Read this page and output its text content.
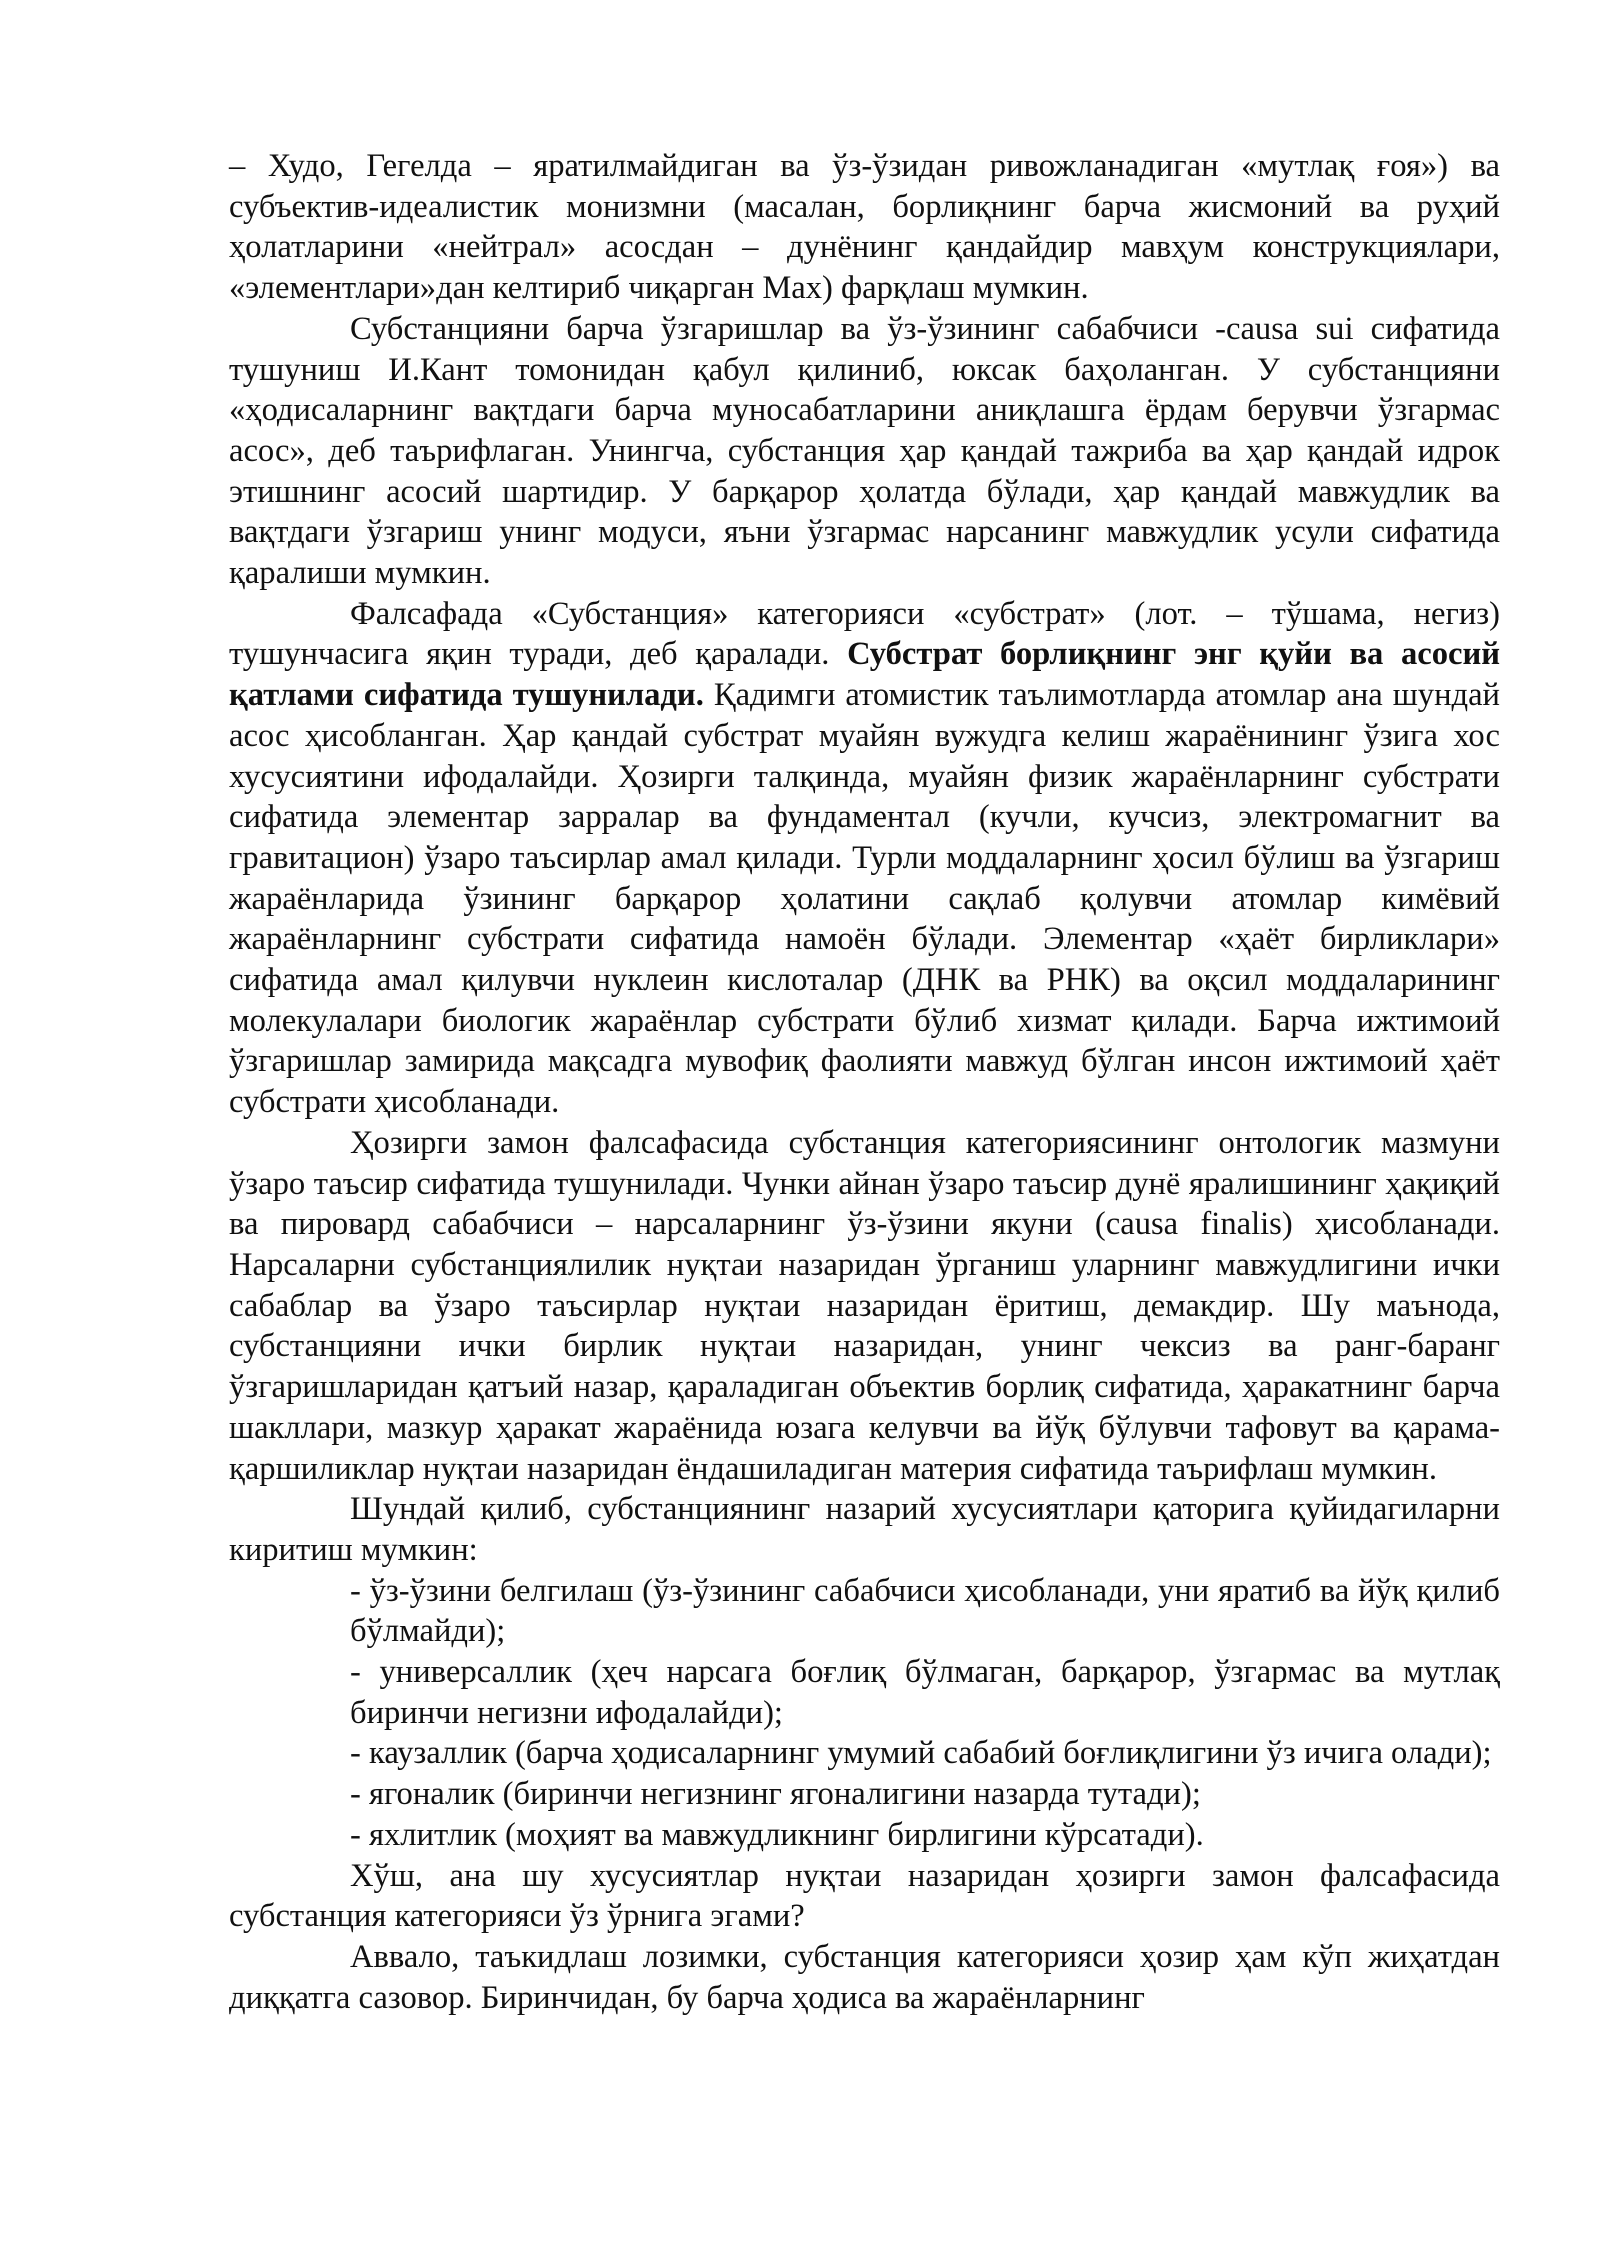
– Худо, Гегелда – яратилмайдиган ва ўз-ўзидан ривожланадиган «мутлақ ғоя») ва субъектив-идеалистик монизмни (масалан, борлиқнинг барча жисмоний ва руҳий ҳолатларини «нейтрал» асосдан – дунёнинг қандайдир мавҳум конструкциялари, «элементлари»дан келтириб чиқарган Мах) фарқлаш мумкин.

Субстанцияни барча ўзгаришлар ва ўз-ўзининг сабабчиси -causa sui сифатида тушуниш И.Кант томонидан қабул қилиниб, юксак баҳоланган. У субстанцияни «ҳодисаларнинг вақтдаги барча муносабатларини аниқлашга ёрдам берувчи ўзгармас асос», деб таърифлаган. Унингча, субстанция ҳар қандай тажриба ва ҳар қандай идрок этишнинг асосий шартидир. У барқарор ҳолатда бўлади, ҳар қандай мавжудлик ва вақтдаги ўзгариш унинг модуси, яъни ўзгармас нарсанинг мавжудлик усули сифатида қаралиши мумкин.

Фалсафада «Субстанция» категорияси «субстрат» (лот. – тўшама, негиз) тушунчасига яқин туради, деб қаралади. Субстрат борлиқнинг энг қуйи ва асосий қатлами сифатида тушунилади. Қадимги атомистик таълимотларда атомлар ана шундай асос ҳисобланган. Ҳар қандай субстрат муайян вужудга келиш жараёнининг ўзига хос хусусиятини ифодалайди. Ҳозирги талқинда, муайян физик жараёнларнинг субстрати сифатида элементар зарралар ва фундаментал (кучли, кучсиз, электромагнит ва гравитацион) ўзаро таъсирлар амал қилади. Турли моддаларнинг ҳосил бўлиш ва ўзгариш жараёнларида ўзининг барқарор ҳолатини сақлаб қолувчи атомлар кимёвий жараёнларнинг субстрати сифатида намоён бўлади. Элементар «ҳаёт бирликлари» сифатида амал қилувчи нуклеин кислоталар (ДНК ва РНК) ва оқсил моддаларининг молекулалари биологик жараёнлар субстрати бўлиб хизмат қилади. Барча ижтимоий ўзгаришлар замирида мақсадга мувофиқ фаолияти мавжуд бўлган инсон ижтимоий ҳаёт субстрати ҳисобланади.

Ҳозирги замон фалсафасида субстанция категориясининг онтологик мазмуни ўзаро таъсир сифатида тушунилади. Чунки айнан ўзаро таъсир дунё яралишининг ҳақиқий ва пировард сабабчиси – нарсаларнинг ўз-ўзини якуни (causa finalis) ҳисобланади. Нарсаларни субстанциялилик нуқтаи назаридан ўрганиш уларнинг мавжудлигини ички сабаблар ва ўзаро таъсирлар нуқтаи назаридан ёритиш, демакдир. Шу маънода, субстанцияни ички бирлик нуқтаи назаридан, унинг чексиз ва ранг-баранг ўзгаришларидан қатъий назар, қараладиган объектив борлиқ сифатида, ҳаракатнинг барча шакллари, мазкур ҳаракат жараёнида юзага келувчи ва йўқ бўлувчи тафовут ва қарама-қаршиликлар нуқтаи назаридан ёндашиладиган материя сифатида таърифлаш мумкин.

Шундай қилиб, субстанциянинг назарий хусусиятлари қаторига қуйидагиларни киритиш мумкин:

- ўз-ўзини белгилаш (ўз-ўзининг сабабчиси ҳисобланади, уни яратиб ва йўқ қилиб бўлмайди);

- универсаллик (ҳеч нарсага боғлиқ бўлмаган, барқарор, ўзгармас ва мутлақ биринчи негизни ифодалайди);

- каузаллик (барча ҳодисаларнинг умумий сабабий боғлиқлигини ўз ичига олади);

- ягоналик (биринчи негизнинг ягоналигини назарда тутади);

- яхлитлик (моҳият ва мавжудликнинг бирлигини кўрсатади).

Хўш, ана шу хусусиятлар нуқтаи назаридан ҳозирги замон фалсафасида субстанция категорияси ўз ўрнига эгами?

Аввало, таъкидлаш лозимки, субстанция категорияси ҳозир ҳам кўп жиҳатдан диққатга сазовор. Биринчидан, бу барча ҳодиса ва жараёнларнинг
